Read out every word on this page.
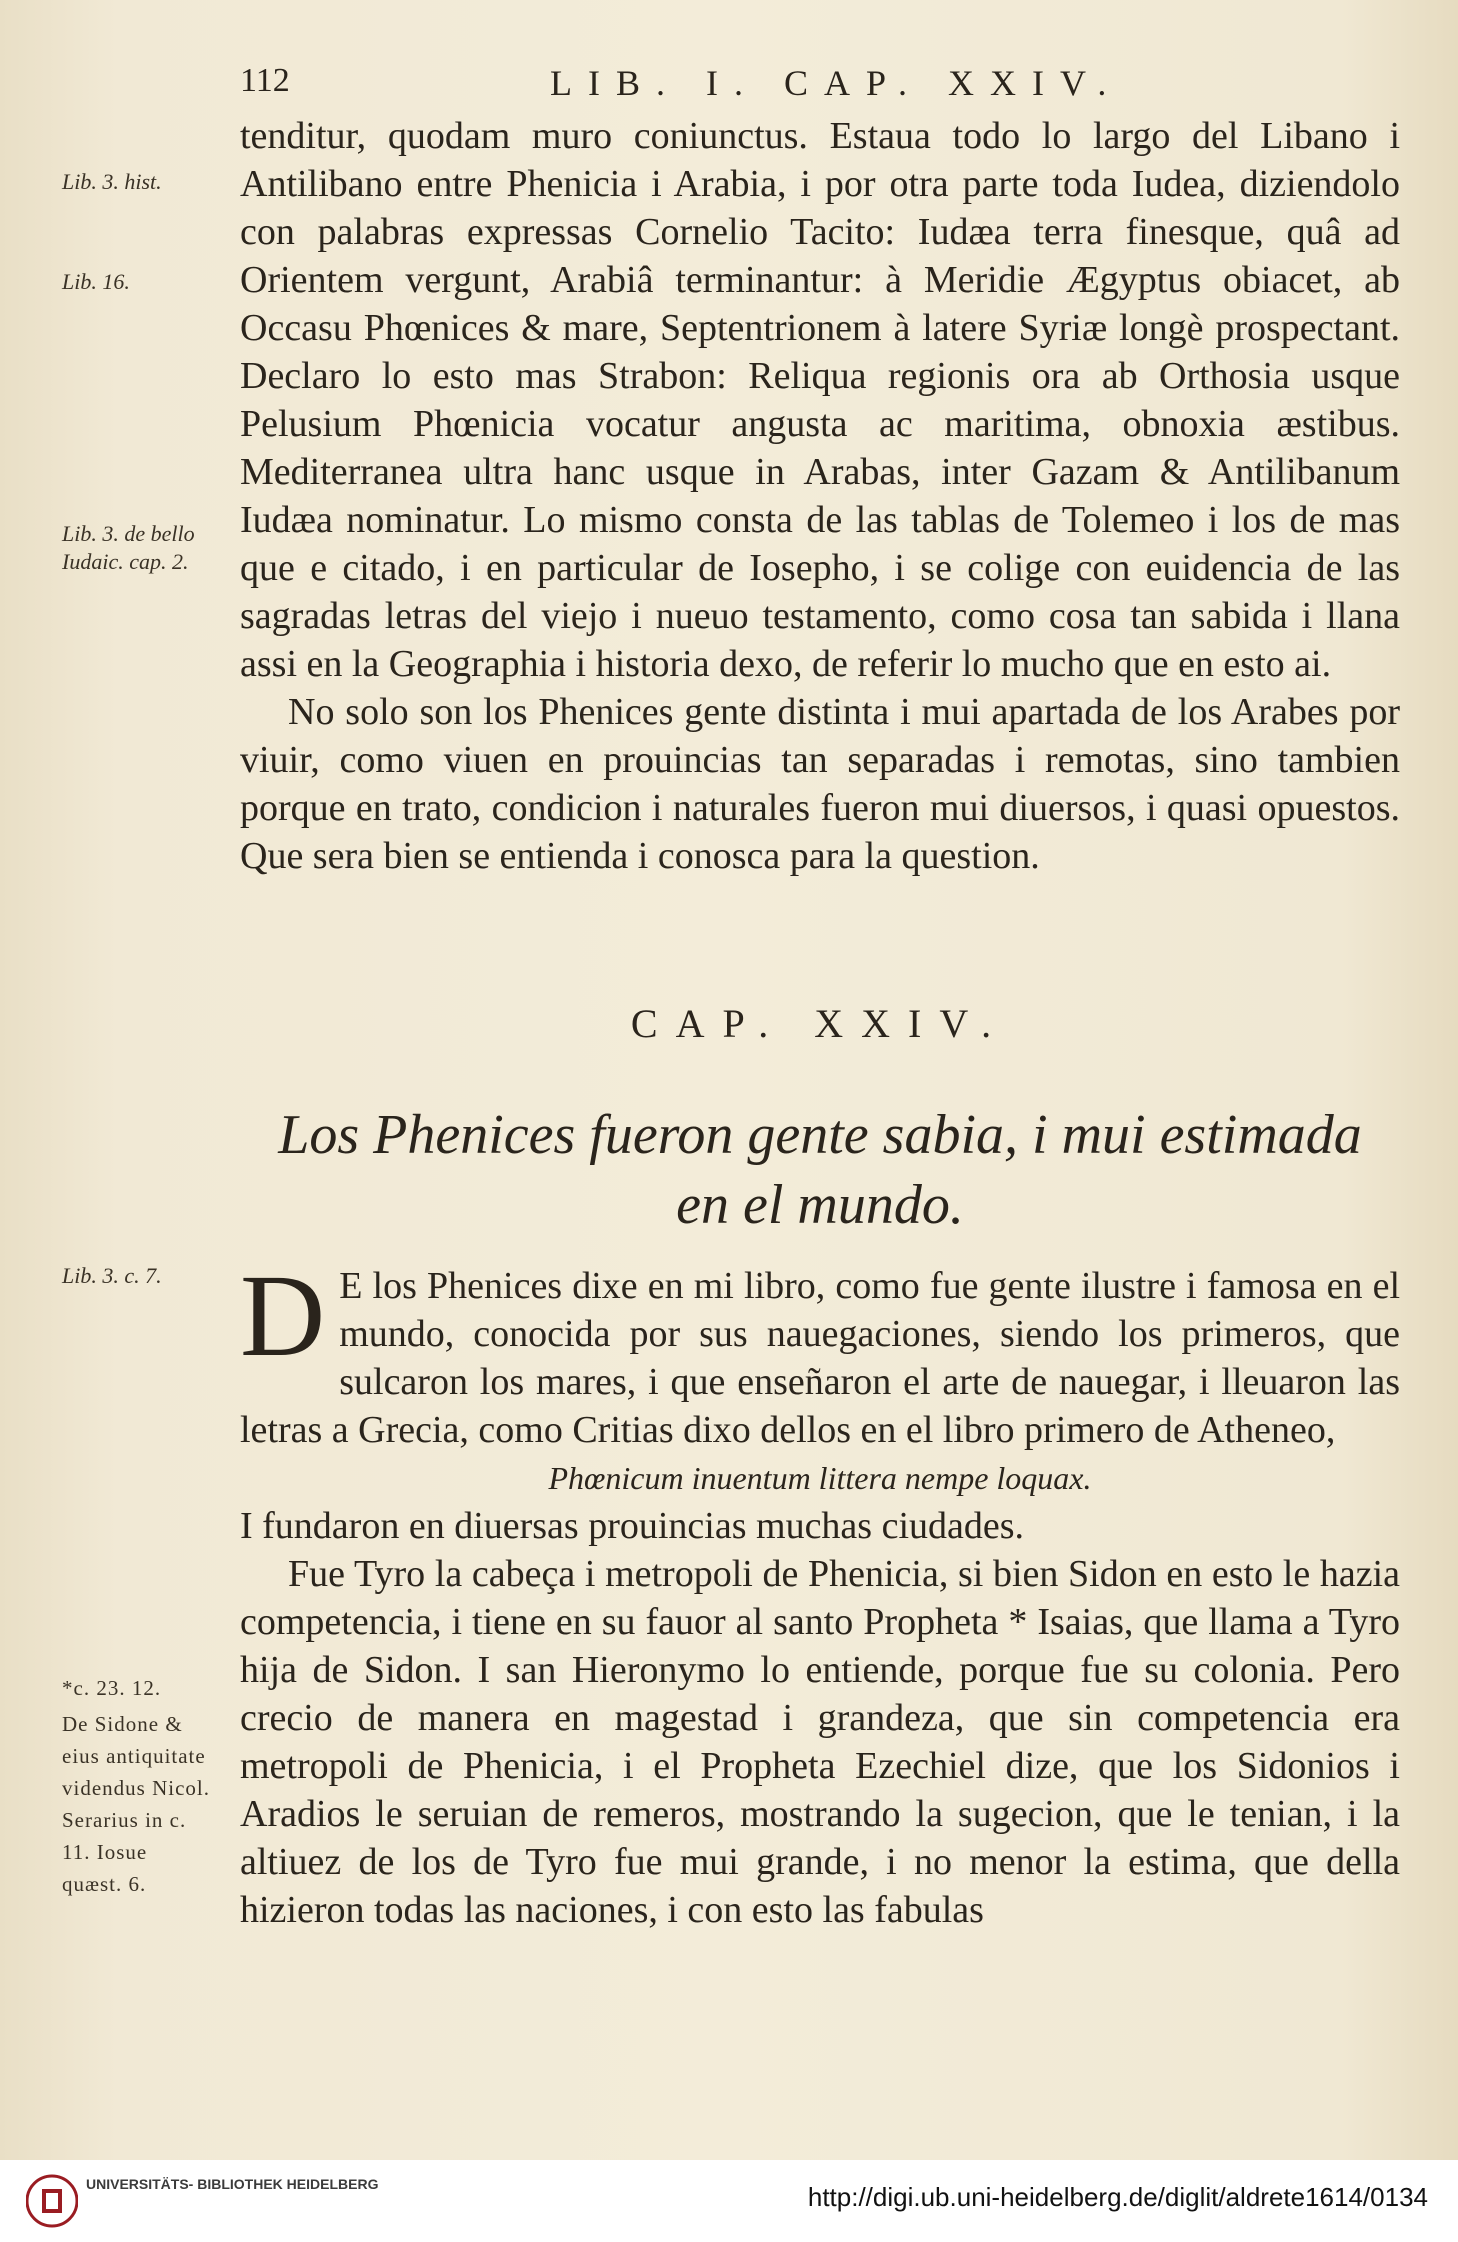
112	LIB. I. CAP. XXIV.
Lib. 3. hist.
Lib. 16.
Lib. 3. de bello Iudaic. cap. 2.
Lib. 3. c. 7.
*c. 23. 12.
De Sidone & eius antiquitate videndus Nicol. Serarius in c. 11. Iosue quæst. 6.

tenditur, quodam muro coniunctus. Estaua todo lo largo del Libano i Antilibano entre Phenicia i Arabia, i por otra parte toda Iudea, diziendolo con palabras expressas Cornelio Tacito: Iudæa terra finesque, quâ ad Orientem vergunt, Arabiâ terminantur: à Meridie Ægyptus obiacet, ab Occasu Phœnices & mare, Septentrionem à latere Syriæ longè prospectant. Declaro lo esto mas Strabon: Reliqua regionis ora ab Orthosia usque Pelusium Phœnicia vocatur angusta ac maritima, obnoxia æstibus. Mediterranea ultra hanc usque in Arabas, inter Gazam & Antilibanum Iudæa nominatur. Lo mismo consta de las tablas de Tolemeo i los de mas que e citado, i en particular de Iosepho, i se colige con euidencia de las sagradas letras del viejo i nueuo testamento, como cosa tan sabida i llana assi en la Geographia i historia dexo, de referir lo mucho que en esto ai.

No solo son los Phenices gente distinta i mui apartada de los Arabes por viuir, como viuen en prouincias tan separadas i remotas, sino tambien porque en trato, condicion i naturales fueron mui diuersos, i quasi opuestos. Que sera bien se entienda i conosca para la question.

CAP. XXIV.
Los Phenices fueron gente sabia, i mui estimada
en el mundo.

D E los Phenices dixe en mi libro, como fue gente ilustre i famosa en el mundo, conocida por sus nauegaciones, siendo los primeros, que sulcaron los mares, i que enseñaron el arte de nauegar, i lleuaron las letras a Grecia, como Critias dixo dellos en el libro primero de Atheneo,

Phœnicum inuentum littera nempe loquax.

I fundaron en diuersas prouincias muchas ciudades.

Fue Tyro la cabeça i metropoli de Phenicia, si bien Sidon en esto le hazia competencia, i tiene en su fauor al santo Propheta * Isaias, que llama a Tyro hija de Sidon. I san Hieronymo lo entiende, porque fue su colonia. Pero crecio de manera en magestad i grandeza, que sin competencia era metropoli de Phenicia, i el Propheta Ezechiel dize, que los Sidonios i Aradios le seruian de remeros, mostrando la sugecion, que le tenian, i la altiuez de los de Tyro fue mui grande, i no menor la estima, que della hizieron todas las naciones, i con esto las fabulas

UNIVERSITÄTS- BIBLIOTHEK HEIDELBERG	http://digi.ub.uni-heidelberg.de/diglit/aldrete1614/0134
